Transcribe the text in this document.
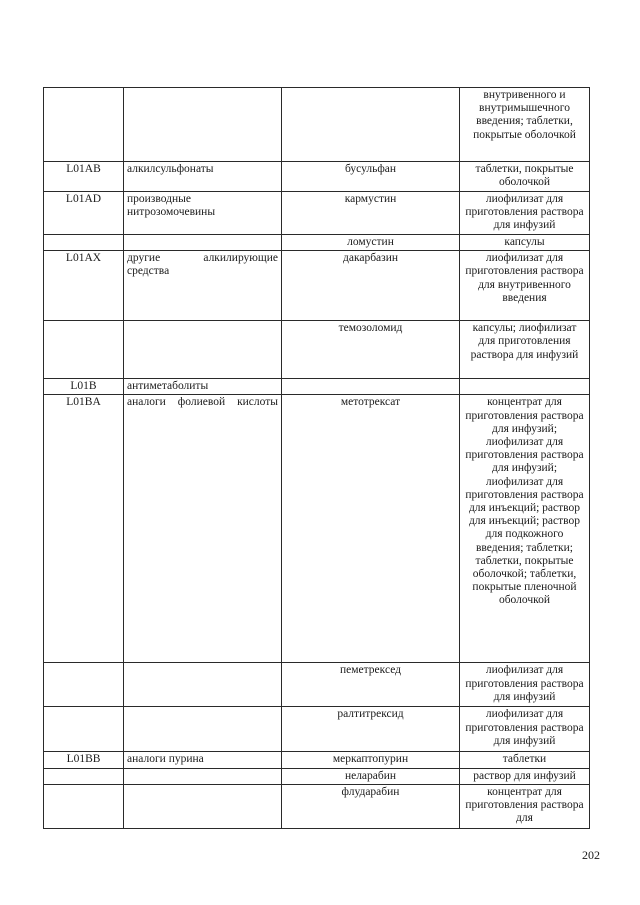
			внутривенного и внутримышечного введения; таблетки, покрытые оболочкой
L01AB	алкилсульфонаты	бусульфан	таблетки, покрытые оболочкой
L01AD	производные нитрозомочевины	кармустин	лиофилизат для приготовления раствора для инфузий
		ломустин	капсулы
L01AX	другие алкилирующие средства	дакарбазин	лиофилизат для приготовления раствора для внутривенного введения
		темозоломид	капсулы; лиофилизат для приготовления раствора для инфузий
L01B	антиметаболиты		
L01BA	аналоги фолиевой кислоты	метотрексат	концентрат для приготовления раствора для инфузий; лиофилизат для приготовления раствора для инфузий; лиофилизат для приготовления раствора для инъекций; раствор для инъекций; раствор для подкожного введения; таблетки; таблетки, покрытые оболочкой; таблетки, покрытые пленочной оболочкой
		пеметрексед	лиофилизат для приготовления раствора для инфузий
		ралтитрексид	лиофилизат для приготовления раствора для инфузий
L01BB	аналоги пурина	меркаптопурин	таблетки
		неларабин	раствор для инфузий
		флударабин	концентрат для приготовления раствора для
202
